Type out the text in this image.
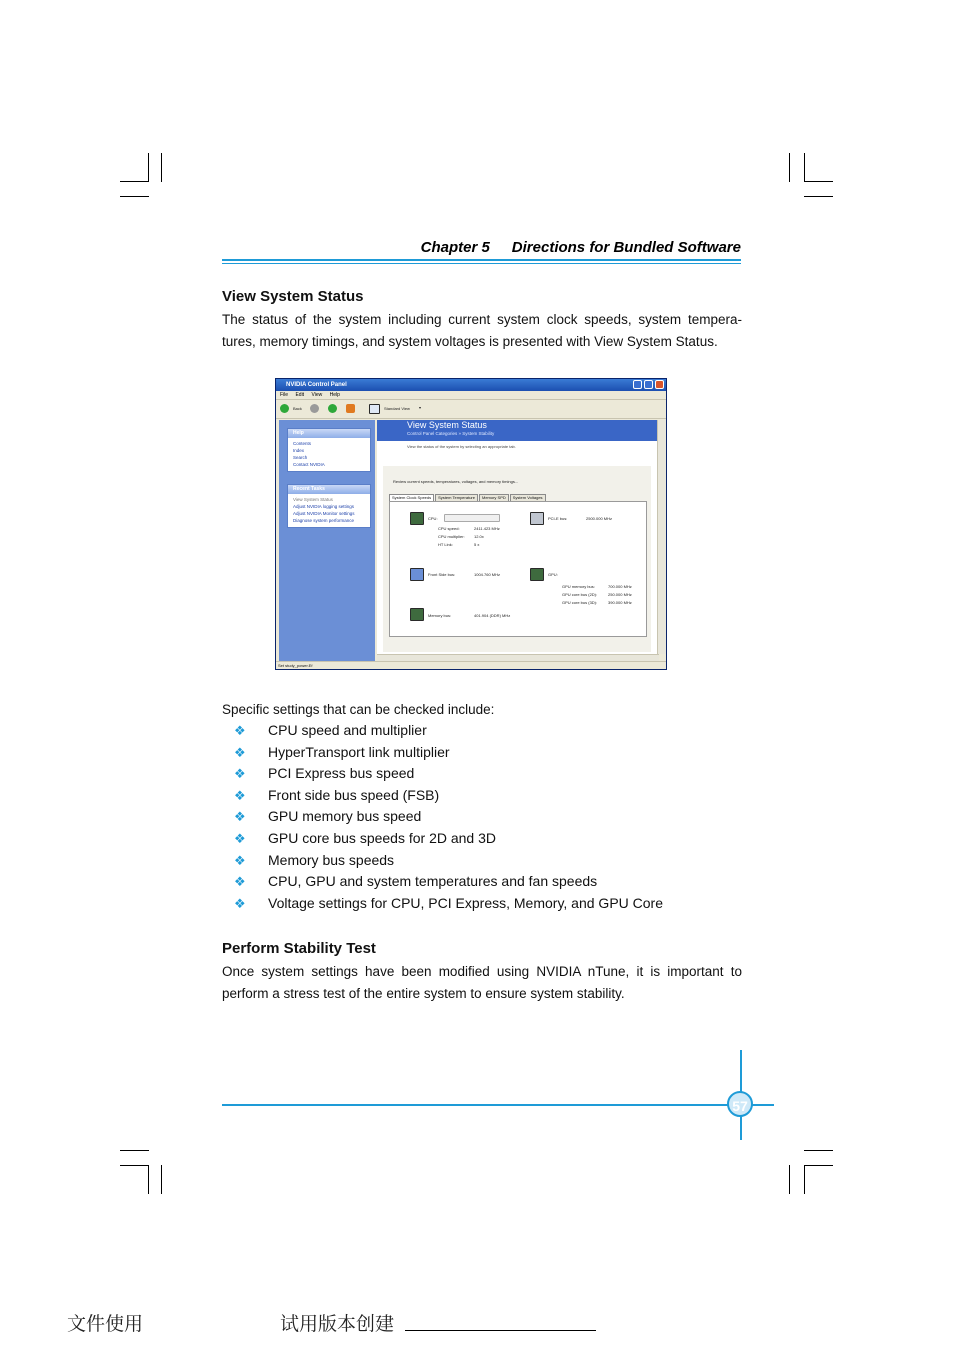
Chapter 5 Directions for Bundled Software
View System Status

The status of the system including current system clock speeds, system tempera- tures, memory timings, and system voltages is presented with View System Status.

NVIDIA Control Panel
File Edit View Help
Back	Standard View ▾
Help
Contents
Index
Search
Contact NVIDIA
Recent Tasks
View System Status
Adjust NVIDIA logging settings
Adjust NVIDIA Monitor settings
Diagnose system performance
View System Status
Control Panel Categories » System Stability
View the status of the system by selecting an appropriate tab.
Review current speeds, temperatures, voltages, and memory timings...
System Clock Speeds System Temperature Memory SPD System Voltages
CPU:
CPU speed:	2411.423 MHz
CPU multiplier: 12.0x
HT Link:	5 x
PCI-E bus:	2500.000 MHz
Front Side bus:	1004.760 MHz	GPU:
GPU memory bus:	700.000 MHz
GPU core bus (2D):	250.000 MHz
GPU core bus (3D):	390.000 MHz
Memory bus:	401.904 (DDR) MHz
Set study_power.Ef

Specific settings that can be checked include:

❖ CPU speed and multiplier
❖ HyperTransport link multiplier
❖ PCI Express bus speed
❖ Front side bus speed (FSB)
❖ GPU memory bus speed
❖ GPU core bus speeds for 2D and 3D
❖ Memory bus speeds
❖ CPU, GPU and system temperatures and fan speeds
❖ Voltage settings for CPU, PCI Express, Memory, and GPU Core
Perform Stability Test

Once system settings have been modified using NVIDIA nTune, it is important to perform a stress test of the entire system to ensure system stability.

57
文件使用	试用版本创建
